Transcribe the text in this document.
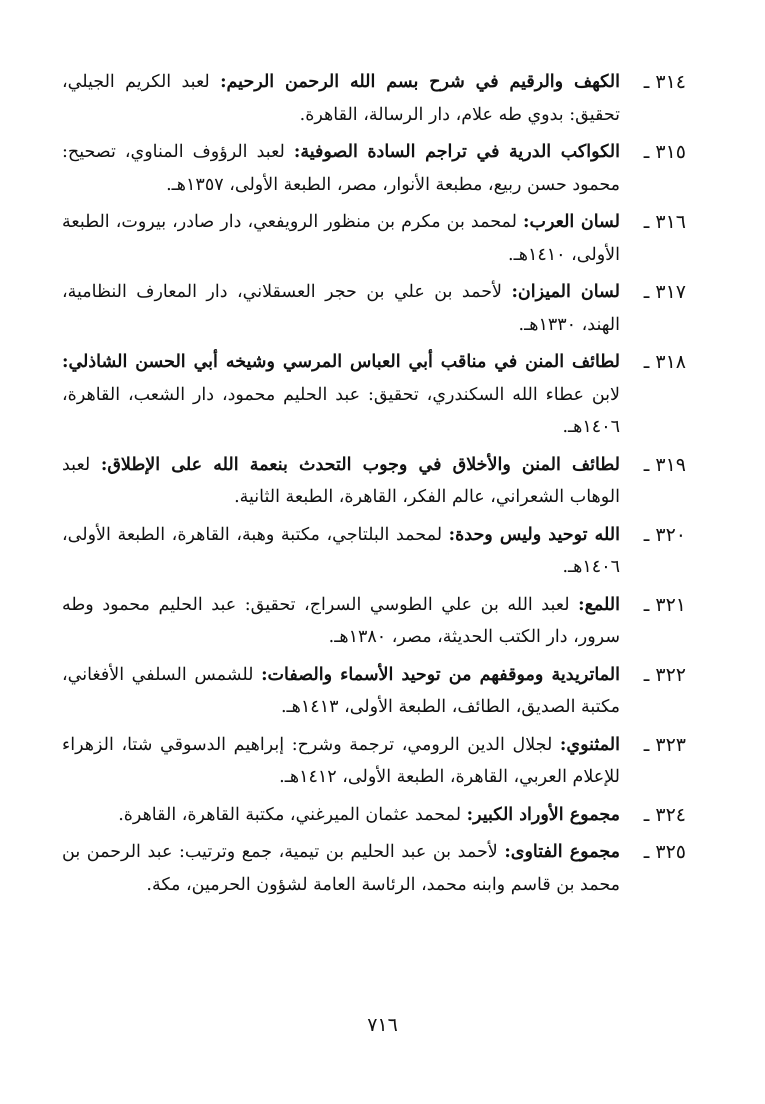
٣١٤ ـ
الكهف والرقيم في شرح بسم الله الرحمن الرحيم: لعبد الكريم الجيلي، تحقيق: بدوي طه علام، دار الرسالة، القاهرة.
٣١٥ ـ
الكواكب الدرية في تراجم السادة الصوفية: لعبد الرؤوف المناوي، تصحيح: محمود حسن ربيع، مطبعة الأنوار، مصر، الطبعة الأولى، ١٣٥٧هـ.
٣١٦ ـ
لسان العرب: لمحمد بن مكرم بن منظور الرويفعي، دار صادر، بيروت، الطبعة الأولى، ١٤١٠هـ.
٣١٧ ـ
لسان الميزان: لأحمد بن علي بن حجر العسقلاني، دار المعارف النظامية، الهند، ١٣٣٠هـ.
٣١٨ ـ
لطائف المنن في مناقب أبي العباس المرسي وشيخه أبي الحسن الشاذلي: لابن عطاء الله السكندري، تحقيق: عبد الحليم محمود، دار الشعب، القاهرة، ١٤٠٦هـ.
٣١٩ ـ
لطائف المنن والأخلاق في وجوب التحدث بنعمة الله على الإطلاق: لعبد الوهاب الشعراني، عالم الفكر، القاهرة، الطبعة الثانية.
٣٢٠ ـ
الله توحيد وليس وحدة: لمحمد البلتاجي، مكتبة وهبة، القاهرة، الطبعة الأولى، ١٤٠٦هـ.
٣٢١ ـ
اللمع: لعبد الله بن علي الطوسي السراج، تحقيق: عبد الحليم محمود وطه سرور، دار الكتب الحديثة، مصر، ١٣٨٠هـ.
٣٢٢ ـ
الماتريدية وموقفهم من توحيد الأسماء والصفات: للشمس السلفي الأفغاني، مكتبة الصديق، الطائف، الطبعة الأولى، ١٤١٣هـ.
٣٢٣ ـ
المثنوي: لجلال الدين الرومي، ترجمة وشرح: إبراهيم الدسوقي شتا، الزهراء للإعلام العربي، القاهرة، الطبعة الأولى، ١٤١٢هـ.
٣٢٤ ـ
مجموع الأوراد الكبير: لمحمد عثمان الميرغني، مكتبة القاهرة، القاهرة.
٣٢٥ ـ
مجموع الفتاوى: لأحمد بن عبد الحليم بن تيمية، جمع وترتيب: عبد الرحمن بن محمد بن قاسم وابنه محمد، الرئاسة العامة لشؤون الحرمين، مكة.
٧١٦
